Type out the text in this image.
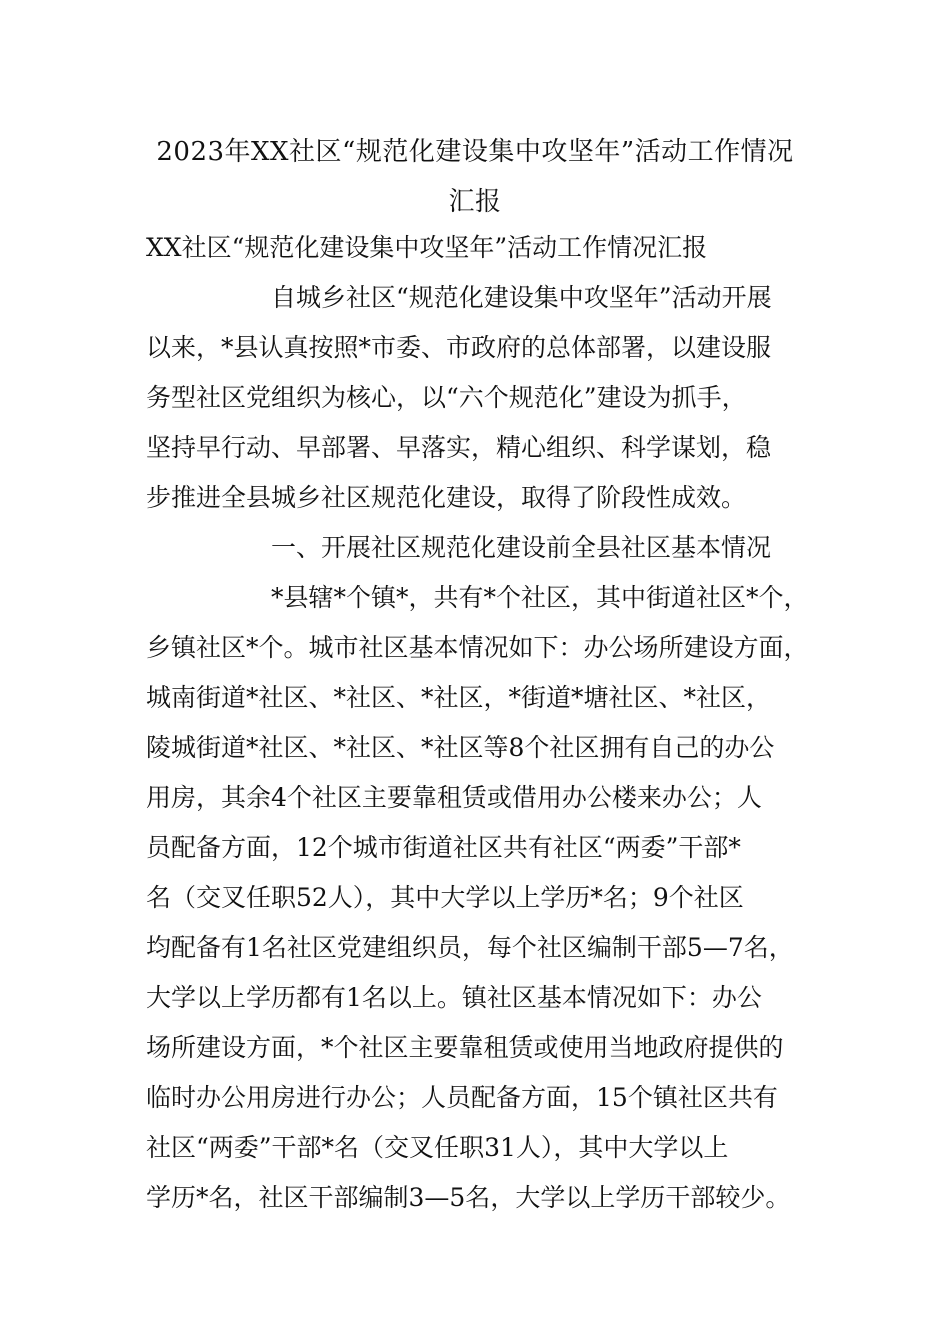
2023年XX社区“规范化建设集中攻坚年”活动工作情况
汇报
XX社区“规范化建设集中攻坚年”活动工作情况汇报
　　　　　自城乡社区“规范化建设集中攻坚年”活动开展
以来，*县认真按照*市委、市政府的总体部署，以建设服
务型社区党组织为核心，以“六个规范化”建设为抓手，
坚持早行动、早部署、早落实，精心组织、科学谋划，稳
步推进全县城乡社区规范化建设，取得了阶段性成效。
　　　　　一、开展社区规范化建设前全县社区基本情况
　　　　　*县辖*个镇*，共有*个社区，其中街道社区*个，
乡镇社区*个。城市社区基本情况如下：办公场所建设方面，
城南街道*社区、*社区、*社区，*街道*塘社区、*社区，
陵城街道*社区、*社区、*社区等8个社区拥有自己的办公
用房，其余4个社区主要靠租赁或借用办公楼来办公；人
员配备方面，12个城市街道社区共有社区“两委”干部*
名（交叉任职52人），其中大学以上学历*名；9个社区
均配备有1名社区党建组织员，每个社区编制干部5—7名，
大学以上学历都有1名以上。镇社区基本情况如下：办公
场所建设方面，*个社区主要靠租赁或使用当地政府提供的
临时办公用房进行办公；人员配备方面，15个镇社区共有
社区“两委”干部*名（交叉任职31人），其中大学以上
学历*名，社区干部编制3—5名，大学以上学历干部较少。
